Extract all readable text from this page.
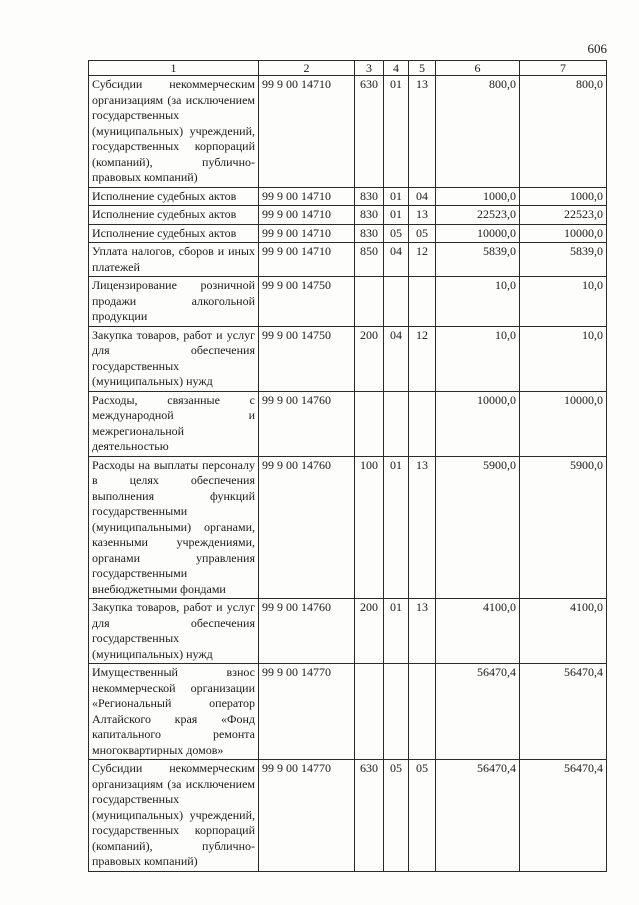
606
1	2	3	4	5	6	7
Субсидии некоммерческим организациям (за исключением государственных (муниципальных) учреждений, государственных корпораций (компаний), публично-правовых компаний)	99 9 00 14710	630	01	13	800,0	800,0
Исполнение судебных актов	99 9 00 14710	830	01	04	1000,0	1000,0
Исполнение судебных актов	99 9 00 14710	830	01	13	22523,0	22523,0
Исполнение судебных актов	99 9 00 14710	830	05	05	10000,0	10000,0
Уплата налогов, сборов и иных платежей	99 9 00 14710	850	04	12	5839,0	5839,0
Лицензирование розничной продажи алкогольной продукции	99 9 00 14750				10,0	10,0
Закупка товаров, работ и услуг для обеспечения государственных (муниципальных) нужд	99 9 00 14750	200	04	12	10,0	10,0
Расходы, связанные с международной и межрегиональной деятельностью	99 9 00 14760				10000,0	10000,0
Расходы на выплаты персоналу в целях обеспечения выполнения функций государственными (муниципальными) органами, казенными учреждениями, органами управления государственными внебюджетными фондами	99 9 00 14760	100	01	13	5900,0	5900,0
Закупка товаров, работ и услуг для обеспечения государственных (муниципальных) нужд	99 9 00 14760	200	01	13	4100,0	4100,0
Имущественный взнос некоммерческой организации «Региональный оператор Алтайского края «Фонд капитального ремонта многоквартирных домов»	99 9 00 14770				56470,4	56470,4
Субсидии некоммерческим организациям (за исключением государственных (муниципальных) учреждений, государственных корпораций (компаний), публично-правовых компаний)	99 9 00 14770	630	05	05	56470,4	56470,4
